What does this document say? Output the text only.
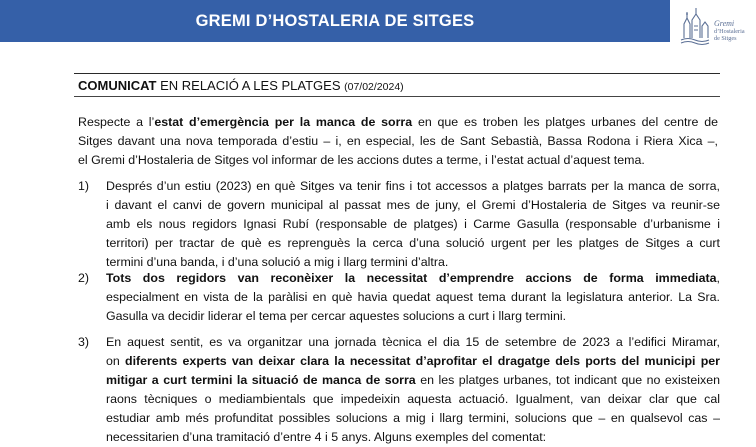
GREMI D’HOSTALERIA DE SITGES	Gremi
d’Hostaleria
de Sitges
COMUNICAT EN RELACIÓ A LES PLATGES (07/02/2024)
Respecte a l’estat d’emergència per la manca de sorra en que es troben les platges urbanes del centre de
Sitges davant una nova temporada d’estiu – i, en especial, les de Sant Sebastià, Bassa Rodona i Riera Xica –,
el Gremi d’Hostaleria de Sitges vol informar de les accions dutes a terme, i l’estat actual d’aquest tema.
1)	Després d’un estiu (2023) en què Sitges va tenir fins i tot accessos a platges barrats per la manca de sorra,
i davant el canvi de govern municipal al passat mes de juny, el Gremi d’Hostaleria de Sitges va reunir-se
amb els nous regidors Ignasi Rubí (responsable de platges) i Carme Gasulla (responsable d’urbanisme i
territori) per tractar de què es reprenguès la cerca d’una solució urgent per les platges de Sitges a curt
termini d’una banda, i d’una solució a mig i llarg termini d’altra.
2)	Tots dos regidors van reconèixer la necessitat d’emprendre accions de forma immediata,
especialment en vista de la paràlisi en què havia quedat aquest tema durant la legislatura anterior. La Sra.
Gasulla va decidir liderar el tema per cercar aquestes solucions a curt i llarg termini.
3)	En aquest sentit, es va organitzar una jornada tècnica el dia 15 de setembre de 2023 a l’edifici Miramar,
on diferents experts van deixar clara la necessitat d’aprofitar el dragatge dels ports del municipi per
mitigar a curt termini la situació de manca de sorra en les platges urbanes, tot indicant que no existeixen
raons tècniques o mediambientals que impedeixin aquesta actuació. Igualment, van deixar clar que cal
estudiar amb més profunditat possibles solucions a mig i llarg termini, solucions que – en qualsevol cas –
necessitarien d’una tramitació d’entre 4 i 5 anys. Alguns exemples del comentat:
